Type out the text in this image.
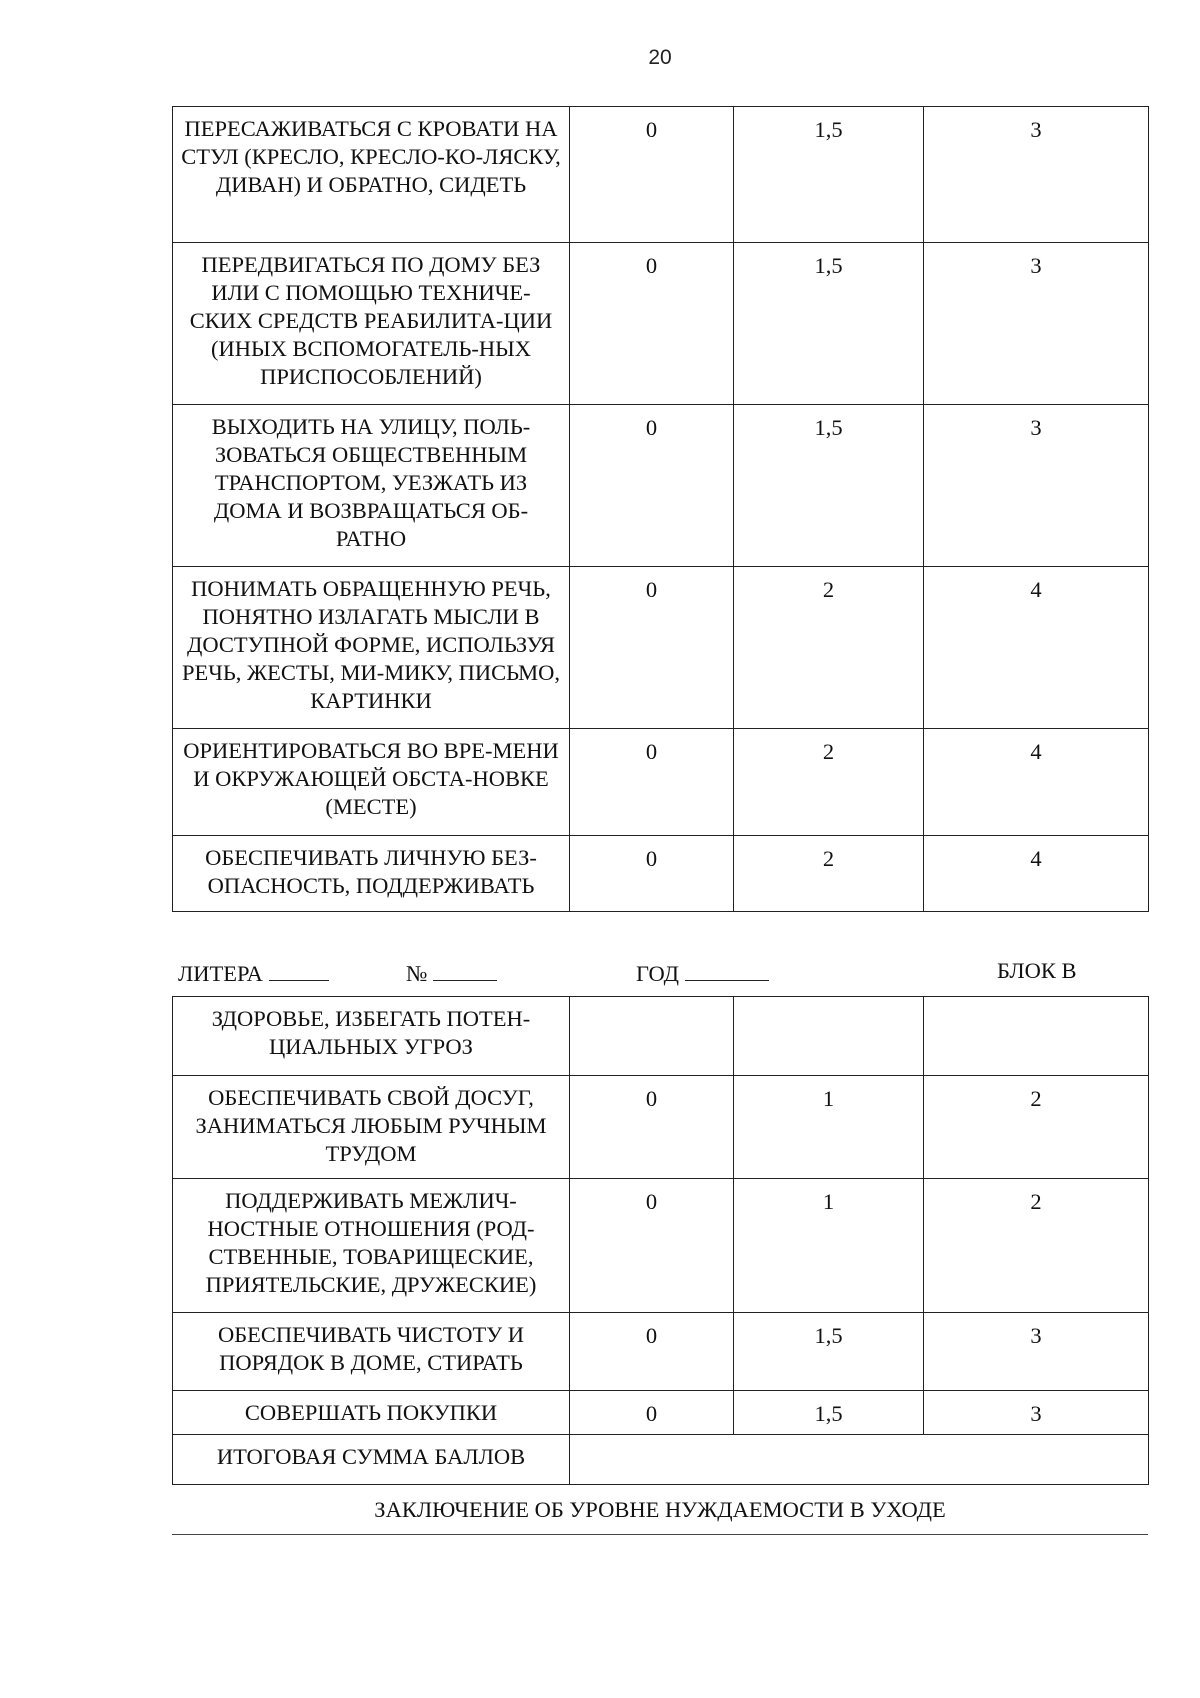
20
ПЕРЕСАЖИВАТЬСЯ С КРОВАТИ НА СТУЛ (КРЕСЛО, КРЕСЛО-КО-ЛЯСКУ, ДИВАН) И ОБРАТНО, СИДЕТЬ	0	1,5	3
ПЕРЕДВИГАТЬСЯ ПО ДОМУ БЕЗ ИЛИ С ПОМОЩЬЮ ТЕХНИЧЕ-СКИХ СРЕДСТВ РЕАБИЛИТА-ЦИИ (ИНЫХ ВСПОМОГАТЕЛЬ-НЫХ ПРИСПОСОБЛЕНИЙ)	0	1,5	3
ВЫХОДИТЬ НА УЛИЦУ, ПОЛЬ-ЗОВАТЬСЯ ОБЩЕСТВЕННЫМ ТРАНСПОРТОМ, УЕЗЖАТЬ ИЗ ДОМА И ВОЗВРАЩАТЬСЯ ОБ-РАТНО	0	1,5	3
ПОНИМАТЬ ОБРАЩЕННУЮ РЕЧЬ, ПОНЯТНО ИЗЛАГАТЬ МЫСЛИ В ДОСТУПНОЙ ФОРМЕ, ИСПОЛЬЗУЯ РЕЧЬ, ЖЕСТЫ, МИ-МИКУ, ПИСЬМО, КАРТИНКИ	0	2	4
ОРИЕНТИРОВАТЬСЯ ВО ВРЕ-МЕНИ И ОКРУЖАЮЩЕЙ ОБСТА-НОВКЕ (МЕСТЕ)	0	2	4
ОБЕСПЕЧИВАТЬ ЛИЧНУЮ БЕЗ-ОПАСНОСТЬ, ПОДДЕРЖИВАТЬ	0	2	4
ЛИТЕРА	№	ГОД	БЛОК В
ЗДОРОВЬЕ, ИЗБЕГАТЬ ПОТЕН-ЦИАЛЬНЫХ УГРОЗ			
ОБЕСПЕЧИВАТЬ СВОЙ ДОСУГ, ЗАНИМАТЬСЯ ЛЮБЫМ РУЧНЫМ ТРУДОМ	0	1	2
ПОДДЕРЖИВАТЬ МЕЖЛИЧ-НОСТНЫЕ ОТНОШЕНИЯ (РОД-СТВЕННЫЕ, ТОВАРИЩЕСКИЕ, ПРИЯТЕЛЬСКИЕ, ДРУЖЕСКИЕ)	0	1	2
ОБЕСПЕЧИВАТЬ ЧИСТОТУ И ПОРЯДОК В ДОМЕ, СТИРАТЬ	0	1,5	3
СОВЕРШАТЬ ПОКУПКИ	0	1,5	3
ИТОГОВАЯ СУММА БАЛЛОВ			
ЗАКЛЮЧЕНИЕ ОБ УРОВНЕ НУЖДАЕМОСТИ В УХОДЕ
